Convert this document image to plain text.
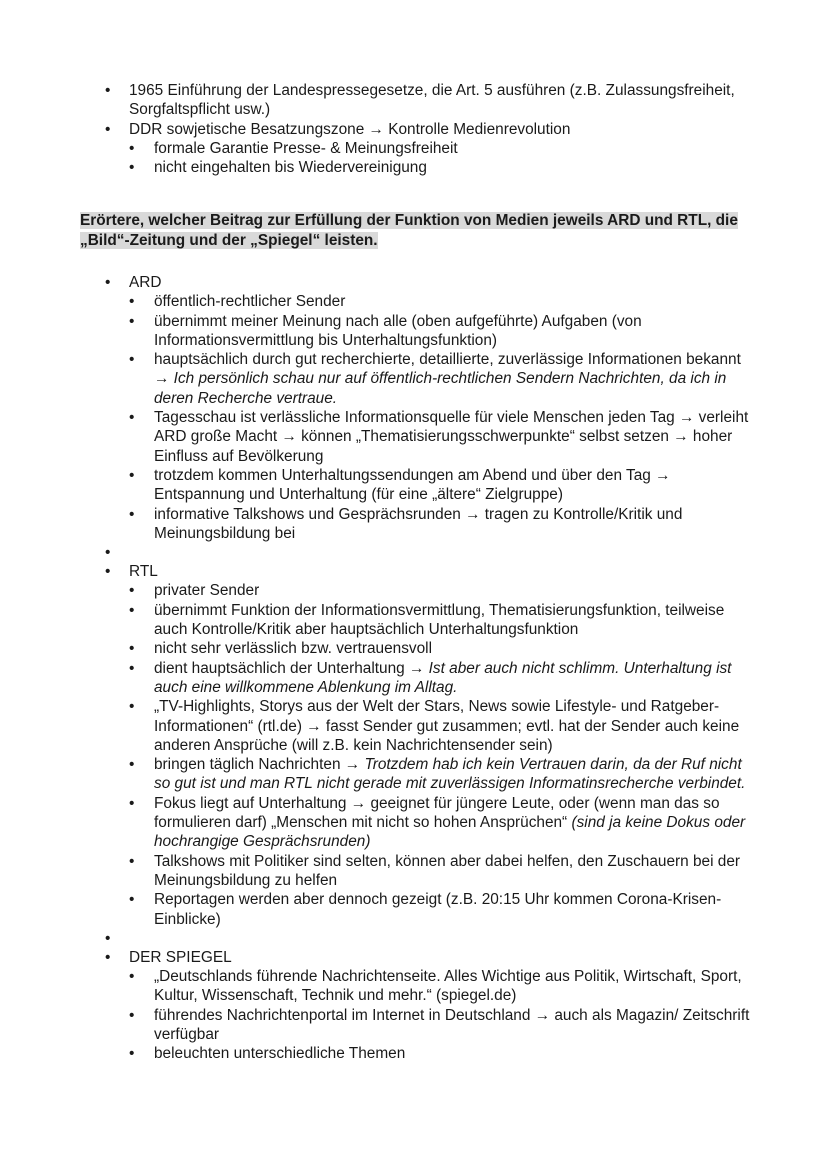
• 1965 Einführung der Landespressegesetze, die Art. 5 ausführen (z.B. Zulassungsfreiheit, Sorgfaltspflicht usw.)
• DDR sowjetische Besatzungszone → Kontrolle Medienrevolution
• formale Garantie Presse- & Meinungsfreiheit
• nicht eingehalten bis Wiedervereinigung
Erörtere, welcher Beitrag zur Erfüllung der Funktion von Medien jeweils ARD und RTL, die „Bild“-Zeitung und der „Spiegel“ leisten.
• ARD
• öffentlich-rechtlicher Sender
• übernimmt meiner Meinung nach alle (oben aufgeführte) Aufgaben (von Informationsvermittlung bis Unterhaltungsfunktion)
• hauptsächlich durch gut recherchierte, detaillierte, zuverlässige Informationen bekannt → Ich persönlich schau nur auf öffentlich-rechtlichen Sendern Nachrichten, da ich in deren Recherche vertraue.
• Tagesschau ist verlässliche Informationsquelle für viele Menschen jeden Tag → verleiht ARD große Macht → können „Thematisierungsschwerpunkte“ selbst setzen → hoher Einfluss auf Bevölkerung
• trotzdem kommen Unterhaltungssendungen am Abend und über den Tag → Entspannung und Unterhaltung (für eine „ältere“ Zielgruppe)
• informative Talkshows und Gesprächsrunden → tragen zu Kontrolle/Kritik und Meinungsbildung bei
•
• RTL
• privater Sender
• übernimmt Funktion der Informationsvermittlung, Thematisierungsfunktion, teilweise auch Kontrolle/Kritik aber hauptsächlich Unterhaltungsfunktion
• nicht sehr verlässlich bzw. vertrauensvoll
• dient hauptsächlich der Unterhaltung → Ist aber auch nicht schlimm. Unterhaltung ist auch eine willkommene Ablenkung im Alltag.
• „TV-Highlights, Storys aus der Welt der Stars, News sowie Lifestyle- und Ratgeber-Informationen“ (rtl.de) → fasst Sender gut zusammen; evtl. hat der Sender auch keine anderen Ansprüche (will z.B. kein Nachrichtensender sein)
• bringen täglich Nachrichten → Trotzdem hab ich kein Vertrauen darin, da der Ruf nicht so gut ist und man RTL nicht gerade mit zuverlässigen Informatinsrecherche verbindet.
• Fokus liegt auf Unterhaltung → geeignet für jüngere Leute, oder (wenn man das so formulieren darf) „Menschen mit nicht so hohen Ansprüchen“ (sind ja keine Dokus oder hochrangige Gesprächsrunden)
• Talkshows mit Politiker sind selten, können aber dabei helfen, den Zuschauern bei der Meinungsbildung zu helfen
• Reportagen werden aber dennoch gezeigt (z.B. 20:15 Uhr kommen Corona-Krisen-Einblicke)
•
• DER SPIEGEL
• „Deutschlands führende Nachrichtenseite. Alles Wichtige aus Politik, Wirtschaft, Sport, Kultur, Wissenschaft, Technik und mehr.“ (spiegel.de)
• führendes Nachrichtenportal im Internet in Deutschland → auch als Magazin/ Zeitschrift verfügbar
• beleuchten unterschiedliche Themen
